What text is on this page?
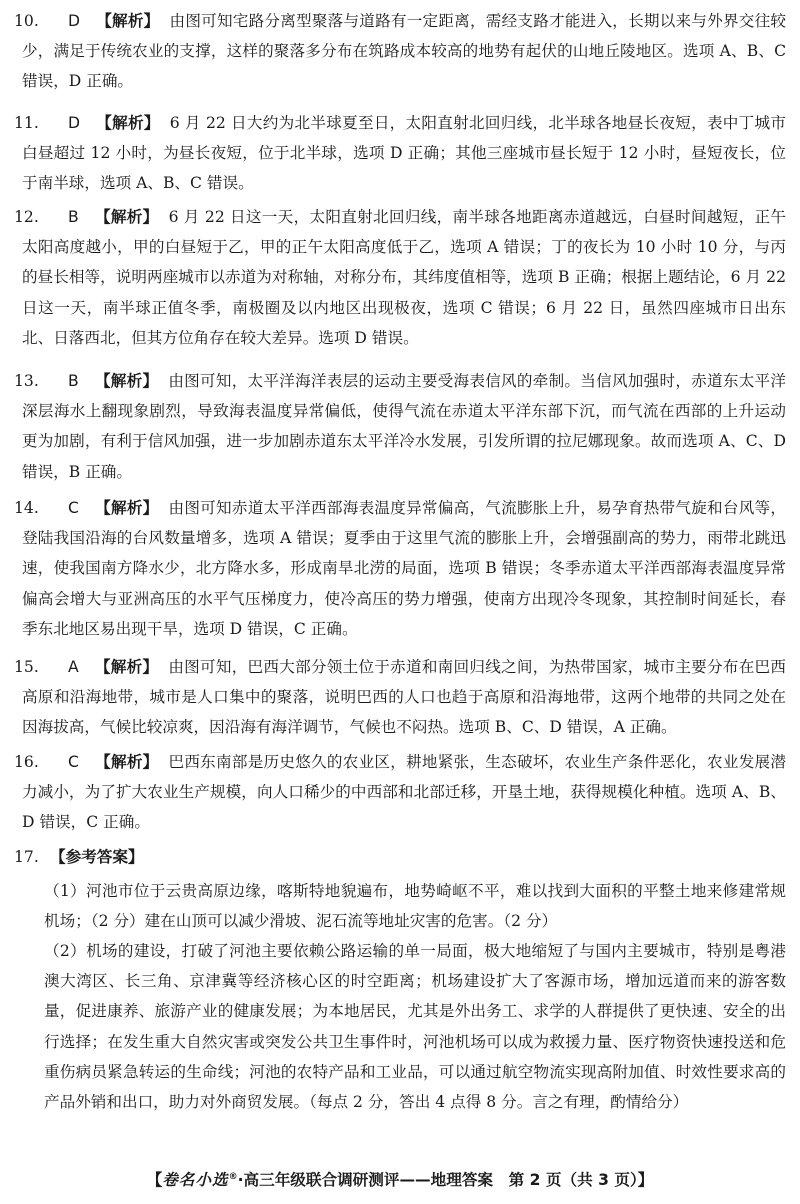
10.	D 【解析】 由图可知宅路分离型聚落与道路有一定距离，需经支路才能进入，长期以来与外界交往较少，满足于传统农业的支撑，这样的聚落多分布在筑路成本较高的地势有起伏的山地丘陵地区。选项 A、B、C 错误，D 正确。
11.	D 【解析】 6 月 22 日大约为北半球夏至日，太阳直射北回归线，北半球各地昼长夜短，表中丁城市白昼超过 12 小时，为昼长夜短，位于北半球，选项 D 正确；其他三座城市昼长短于 12 小时，昼短夜长，位于南半球，选项 A、B、C 错误。
12.	B 【解析】 6 月 22 日这一天，太阳直射北回归线，南半球各地距离赤道越远，白昼时间越短，正午太阳高度越小，甲的白昼短于乙，甲的正午太阳高度低于乙，选项 A 错误；丁的夜长为 10 小时 10 分，与丙的昼长相等，说明两座城市以赤道为对称轴，对称分布，其纬度值相等，选项 B 正确；根据上题结论，6 月 22 日这一天，南半球正值冬季，南极圈及以内地区出现极夜，选项 C 错误；6 月 22 日，虽然四座城市日出东北、日落西北，但其方位角存在较大差异。选项 D 错误。
13.	B 【解析】 由图可知，太平洋海洋表层的运动主要受海表信风的牵制。当信风加强时，赤道东太平洋深层海水上翻现象剧烈，导致海表温度异常偏低，使得气流在赤道太平洋东部下沉，而气流在西部的上升运动更为加剧，有利于信风加强，进一步加剧赤道东太平洋冷水发展，引发所谓的拉尼娜现象。故而选项 A、C、D 错误，B 正确。
14.	C 【解析】 由图可知赤道太平洋西部海表温度异常偏高，气流膨胀上升，易孕育热带气旋和台风等，登陆我国沿海的台风数量增多，选项 A 错误；夏季由于这里气流的膨胀上升，会增强副高的势力，雨带北跳迅速，使我国南方降水少，北方降水多，形成南旱北涝的局面，选项 B 错误；冬季赤道太平洋西部海表温度异常偏高会增大与亚洲高压的水平气压梯度力，使冷高压的势力增强，使南方出现冷冬现象，其控制时间延长，春季东北地区易出现干旱，选项 D 错误，C 正确。
15.	A 【解析】 由图可知，巴西大部分领土位于赤道和南回归线之间，为热带国家，城市主要分布在巴西高原和沿海地带，城市是人口集中的聚落，说明巴西的人口也趋于高原和沿海地带，这两个地带的共同之处在因海拔高，气候比较凉爽，因沿海有海洋调节，气候也不闷热。选项 B、C、D 错误，A 正确。
16.	C 【解析】 巴西东南部是历史悠久的农业区，耕地紧张，生态破坏，农业生产条件恶化，农业发展潜力减小，为了扩大农业生产规模，向人口稀少的中西部和北部迁移，开垦土地，获得规模化种植。选项 A、B、D 错误，C 正确。
17. 【参考答案】
（1）河池市位于云贵高原边缘，喀斯特地貌遍布，地势崎岖不平，难以找到大面积的平整土地来修建常规机场；（2 分）建在山顶可以减少滑坡、泥石流等地址灾害的危害。（2 分）
（2）机场的建设，打破了河池主要依赖公路运输的单一局面，极大地缩短了与国内主要城市，特别是粤港澳大湾区、长三角、京津冀等经济核心区的时空距离；机场建设扩大了客源市场，增加远道而来的游客数量，促进康养、旅游产业的健康发展；为本地居民，尤其是外出务工、求学的人群提供了更快速、安全的出行选择；在发生重大自然灾害或突发公共卫生事件时，河池机场可以成为救援力量、医疗物资快速投送和危重伤病员紧急转运的生命线；河池的农特产品和工业品，可以通过航空物流实现高附加值、时效性要求高的产品外销和出口，助力对外商贸发展。（每点 2 分，答出 4 点得 8 分。言之有理，酌情给分）
【卷名小选®·高三年级联合调研测评——地理答案　第 2 页（共 3 页）】
